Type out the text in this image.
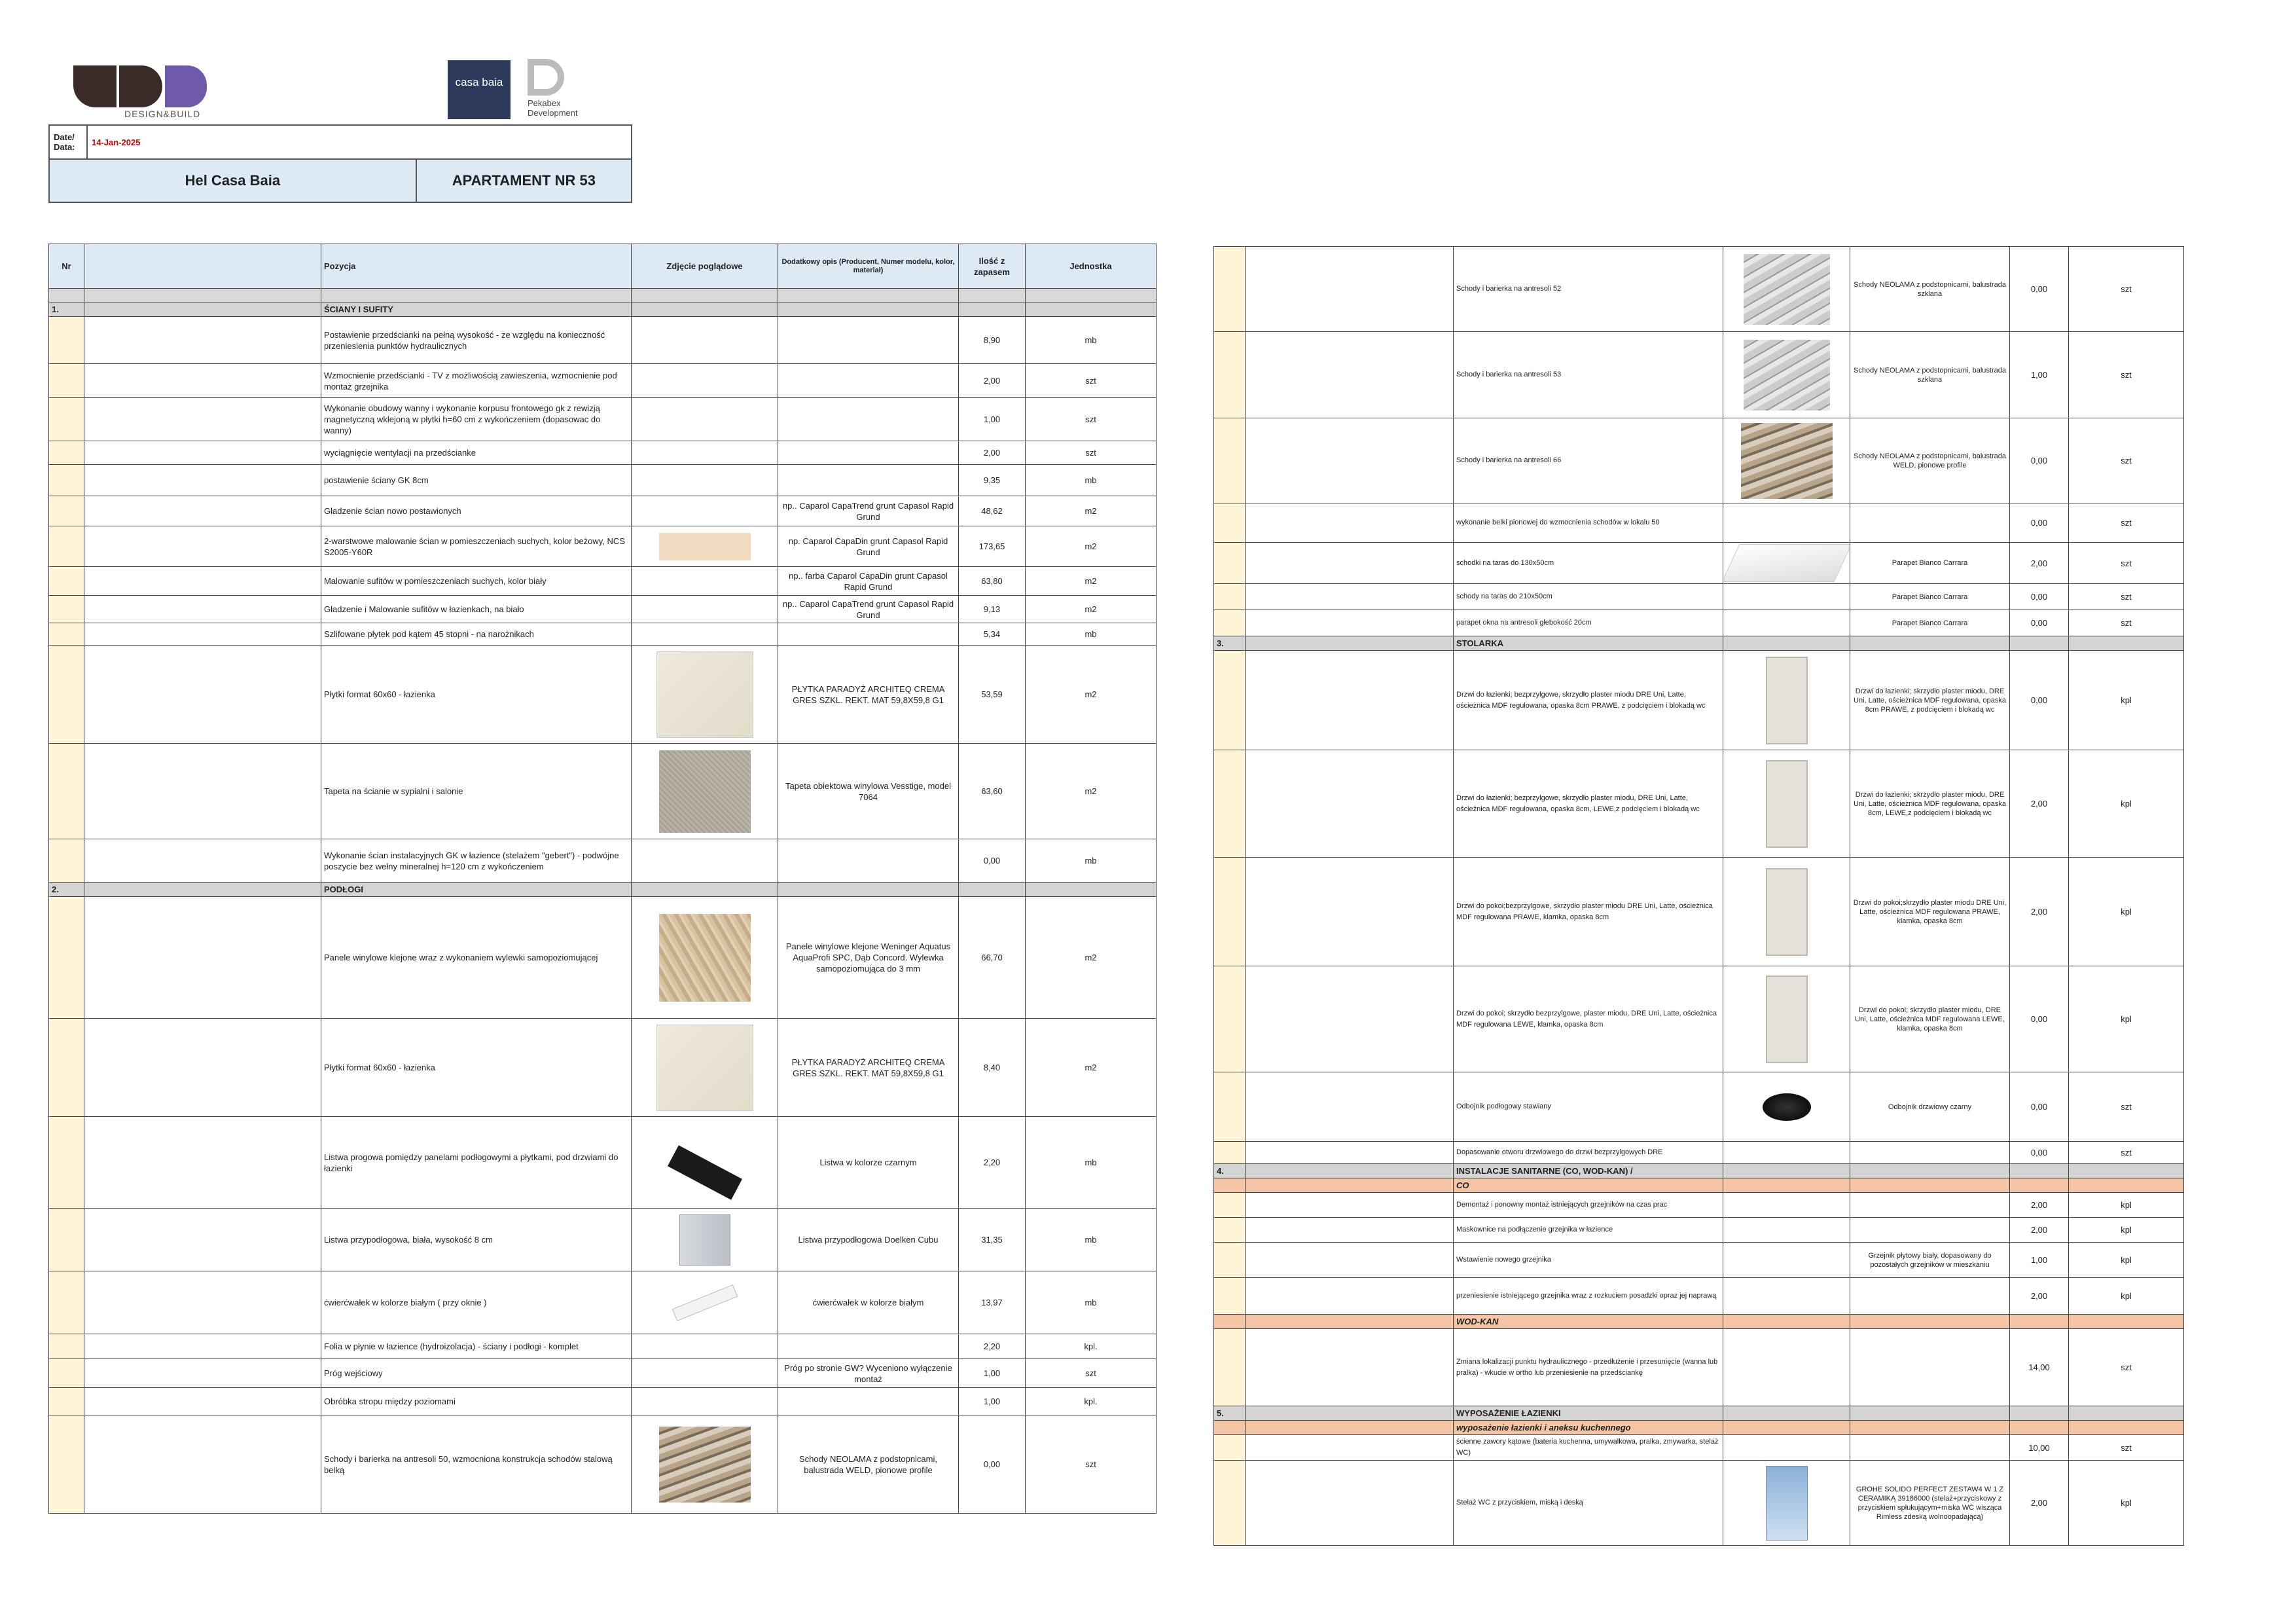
DESIGN&BUILD
casa baia
Pekabex Development
Date/ Data:	14-Jan-2025	
Hel Casa Baia		APARTAMENT NR 53
Nr		Pozycja	Zdjęcie poglądowe	Dodatkowy opis (Producent, Numer modelu, kolor, materiał)	Ilość z zapasem	Jednostka

1.		ŚCIANY I SUFITY				
		Postawienie przedścianki na pełną wysokość - ze względu na konieczność przeniesienia punktów hydraulicznych			8,90	mb
		Wzmocnienie przedścianki - TV z możliwością zawieszenia, wzmocnienie pod montaż grzejnika			2,00	szt
		Wykonanie obudowy wanny i wykonanie korpusu frontowego gk z rewizją magnetyczną wklejoną w płytki h=60 cm z wykończeniem (dopasowac do wanny)			1,00	szt
		wyciągnięcie wentylacji na przedścianke			2,00	szt
		postawienie ściany GK 8cm			9,35	mb
		Gładzenie ścian nowo postawionych		np.. Caparol CapaTrend grunt Capasol Rapid Grund	48,62	m2
		2-warstwowe malowanie ścian w pomieszczeniach suchych, kolor beżowy, NCS S2005-Y60R		np. Caparol CapaDin grunt Capasol Rapid Grund	173,65	m2
		Malowanie sufitów w pomieszczeniach suchych, kolor biały		np.. farba Caparol CapaDin grunt Capasol Rapid Grund	63,80	m2
		Gładzenie i Malowanie sufitów w łazienkach, na biało		np.. Caparol CapaTrend grunt Capasol Rapid Grund	9,13	m2
		Szlifowane płytek pod kątem 45 stopni - na narożnikach			5,34	mb
		Płytki format 60x60 - łazienka		PŁYTKA PARADYŻ ARCHITEQ CREMA GRES SZKL. REKT. MAT 59,8X59,8 G1	53,59	m2
		Tapeta na ścianie w sypialni i salonie		Tapeta obiektowa winylowa Vesstige, model 7064	63,60	m2
		Wykonanie ścian instalacyjnych GK w łazience (stelażem "gebert") - podwójne poszycie bez wełny mineralnej h=120 cm z wykończeniem			0,00	mb
2.		PODŁOGI				
		Panele winylowe klejone wraz z wykonaniem wylewki samopoziomującej		Panele winylowe klejone Weninger Aquatus AquaProfi SPC, Dąb Concord. Wylewka samopoziomująca do 3 mm	66,70	m2
		Płytki format 60x60 - łazienka		PŁYTKA PARADYŻ ARCHITEQ CREMA GRES SZKL. REKT. MAT 59,8X59,8 G1	8,40	m2
		Listwa progowa pomiędzy panelami podłogowymi a płytkami, pod drzwiami do łazienki		Listwa w kolorze czarnym	2,20	mb
		Listwa przypodłogowa, biała, wysokość 8 cm		Listwa przypodłogowa Doelken Cubu	31,35	mb
		ćwierćwałek w kolorze białym ( przy oknie )		ćwierćwałek w kolorze białym	13,97	mb
		Folia w płynie w łazience (hydroizolacja) - ściany i podłogi - komplet			2,20	kpl.
		Próg wejściowy		Próg po stronie GW? Wyceniono wyłączenie montaż	1,00	szt
		Obróbka stropu między poziomami			1,00	kpl.
		Schody i barierka na antresoli 50, wzmocniona konstrukcja schodów stalową belką		Schody NEOLAMA z podstopnicami, balustrada WELD, pionowe profile	0,00	szt
		Schody i barierka na antresoli 52		Schody NEOLAMA z podstopnicami, balustrada szklana	0,00	szt
		Schody i barierka na antresoli 53		Schody NEOLAMA z podstopnicami, balustrada szklana	1,00	szt
		Schody i barierka na antresoli 66		Schody NEOLAMA z podstopnicami, balustrada WELD, pionowe profile	0,00	szt
		wykonanie belki pionowej do wzmocnienia schodów w lokalu 50			0,00	szt
		schodki na taras do 130x50cm		Parapet Bianco Carrara	2,00	szt
		schody na taras do 210x50cm		Parapet Bianco Carrara	0,00	szt
		parapet okna na antresoli głebokość 20cm		Parapet Bianco Carrara	0,00	szt
3.		STOLARKA				
		Drzwi do łazienki; bezprzylgowe, skrzydło plaster miodu DRE Uni, Latte, ościeżnica MDF regulowana, opaska 8cm PRAWE, z podcięciem i blokadą wc		Drzwi do łazienki; skrzydło plaster miodu, DRE Uni, Latte, ościeżnica MDF regulowana, opaska 8cm PRAWE, z podcięciem i blokadą wc	0,00	kpl
		Drzwi do łazienki; bezprzylgowe, skrzydło plaster miodu, DRE Uni, Latte, ościeżnica MDF regulowana, opaska 8cm, LEWE,z podcięciem i blokadą wc		Drzwi do łazienki; skrzydło plaster miodu, DRE Uni, Latte, ościeżnica MDF regulowana, opaska 8cm, LEWE,z podcięciem i blokadą wc	2,00	kpl
		Drzwi do pokoi;bezprzylgowe, skrzydło plaster miodu DRE Uni, Latte, ościeżnica MDF regulowana PRAWE, klamka, opaska 8cm		Drzwi do pokoi;skrzydło plaster miodu DRE Uni, Latte, ościeżnica MDF regulowana PRAWE, klamka, opaska 8cm	2,00	kpl
		Drzwi do pokoi; skrzydło bezprzylgowe, plaster miodu, DRE Uni, Latte, ościeżnica MDF regulowana LEWE, klamka, opaska 8cm		Drzwi do pokoi; skrzydło plaster miodu, DRE Uni, Latte, ościeżnica MDF regulowana LEWE, klamka, opaska 8cm	0,00	kpl
		Odbojnik podłogowy stawiany		Odbojnik drzwiowy czarny	0,00	szt
		Dopasowanie otworu drzwiowego do drzwi bezprzylgowych DRE			0,00	szt
4.		INSTALACJE SANITARNE (CO, WOD-KAN) /				
		CO				
		Demontaż i ponowny montaż istniejących grzejników na czas prac			2,00	kpl
		Maskownice na podłączenie grzejnika w łazience			2,00	kpl
		Wstawienie nowego grzejnika		Grzejnik płytowy biały, dopasowany do pozostałych grzejników w mieszkaniu	1,00	kpl
		przeniesienie istniejącego grzejnika wraz z rozkuciem posadzki opraz jej naprawą			2,00	kpl
		WOD-KAN				
		Zmiana lokalizacji punktu hydraulicznego - przedłużenie i przesunięcie (wanna lub pralka) - wkucie w ortho lub przeniesienie na przedściankę			14,00	szt
5.		WYPOSAŻENIE ŁAZIENKI				
		wyposażenie łazienki i aneksu kuchennego				
		ścienne zawory kątowe (bateria kuchenna, umywalkowa, pralka, zmywarka, stelaż WC)			10,00	szt
		Stelaż WC z przyciskiem, miską i deską		GROHE SOLIDO PERFECT ZESTAW4 W 1 Z CERAMIKĄ 39186000 (stelaż+przyciskowy z przyciskiem spłukującym+miska WC wisząca Rimless zdeską wolnoopadającą)	2,00	kpl
